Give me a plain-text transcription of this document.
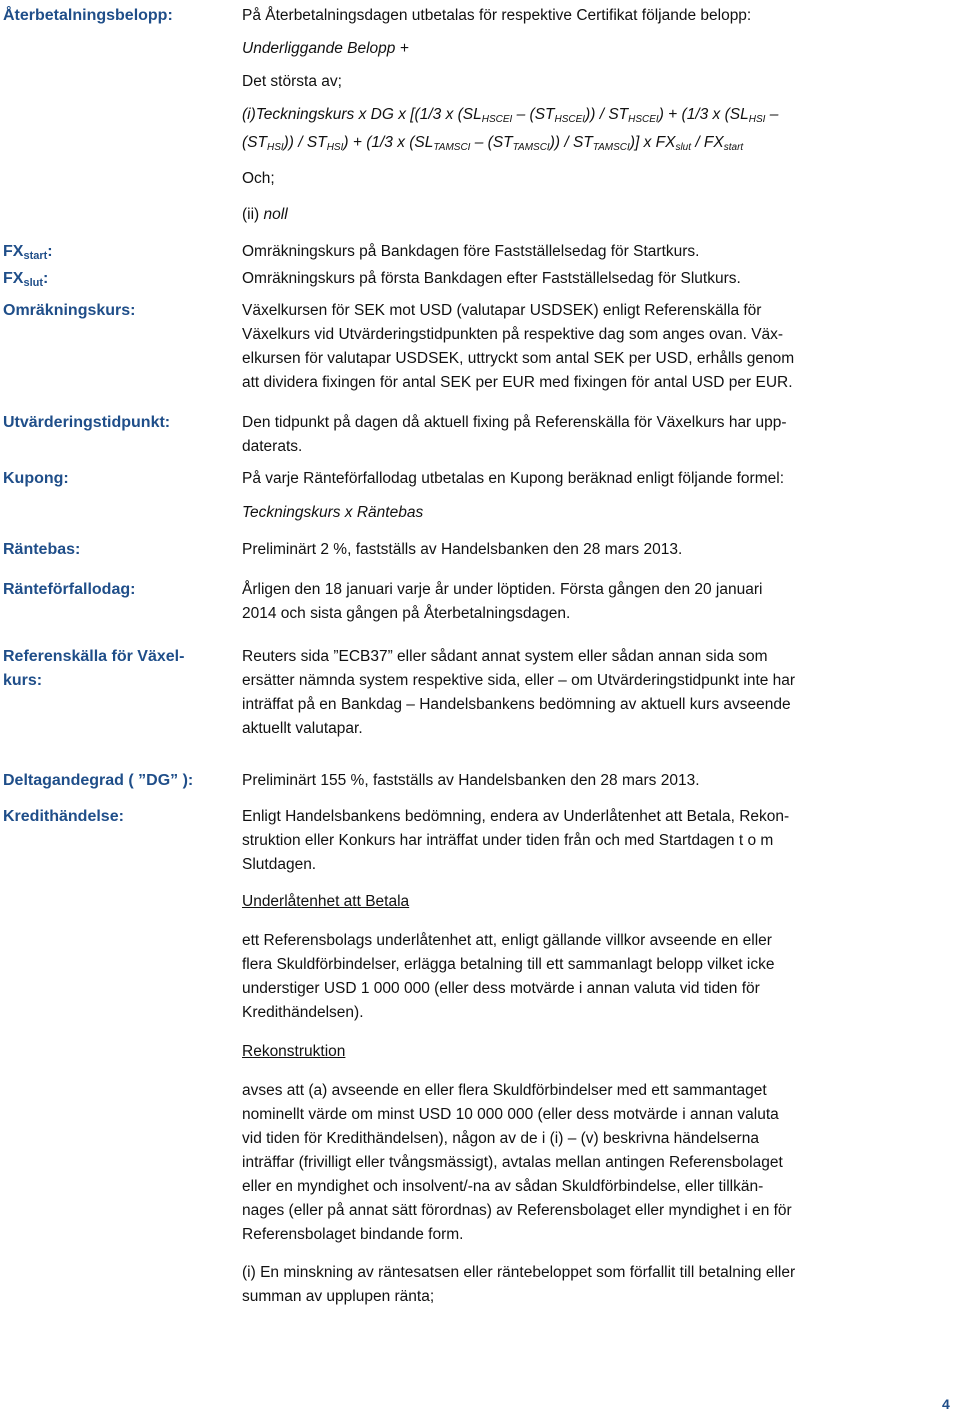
Återbetalningsbelopp:
$FX_{start}$:
$FX_{slut}$:
Omräkningskurs:
Utvärderingstidpunkt:
Kupong:
Räntebas:
Ränteförfallodag:
Referenskälla för Växel-
kurs:
Deltagandegrad ( ”DG” ):
Kredithändelse:
På Återbetalningsdagen utbetalas för respektive Certifikat följande belopp:
Underliggande Belopp +
Det största av;
(i)Teckningskurs x DG x [(1/3 x $(SL_{HSCEI} - (ST_{HSCEI})) / ST_{HSCEI}) + (1/3$ x ($SL_{HSI}$ –
$(ST_{HSI})) / ST_{HSI}) + (1/3$ x $(SL_{TAMSCI} - (ST_{TAMSCI})) / ST_{TAMSCI}$)] x $FX_{slut} / FX_{start}$
Och;
(ii) noll
Omräkningskurs på Bankdagen före Fastställelsedag för Startkurs.
Omräkningskurs på första Bankdagen efter Fastställelsedag för Slutkurs.
Växelkursen för SEK mot USD (valutapar USDSEK) enligt Referenskälla för
Växelkurs vid Utvärderingstidpunkten på respektive dag som anges ovan. Väx-
elkursen för valutapar USDSEK, uttryckt som antal SEK per USD, erhålls genom
att dividera fixingen för antal SEK per EUR med fixingen för antal USD per EUR.
Den tidpunkt på dagen då aktuell fixing på Referenskälla för Växelkurs har upp-
daterats.
På varje Ränteförfallodag utbetalas en Kupong beräknad enligt följande formel:
Teckningskurs x Räntebas
Preliminärt 2 %, fastställs av Handelsbanken den 28 mars 2013.
Årligen den 18 januari varje år under löptiden. Första gången den 20 januari
2014 och sista gången på Återbetalningsdagen.
Reuters sida ”ECB37” eller sådant annat system eller sådan annan sida som
ersätter nämnda system respektive sida, eller – om Utvärderingstidpunkt inte har
inträffat på en Bankdag – Handelsbankens bedömning av aktuell kurs avseende
aktuellt valutapar.
Preliminärt 155 %, fastställs av Handelsbanken den 28 mars 2013.
Enligt Handelsbankens bedömning, endera av Underlåtenhet att Betala, Rekon-
struktion eller Konkurs har inträffat under tiden från och med Startdagen t o m
Slutdagen.
Underlåtenhet att Betala
ett Referensbolags underlåtenhet att, enligt gällande villkor avseende en eller
flera Skuldförbindelser, erlägga betalning till ett sammanlagt belopp vilket icke
understiger USD 1 000 000 (eller dess motvärde i annan valuta vid tiden för
Kredithändelsen).
Rekonstruktion
avses att (a) avseende en eller flera Skuldförbindelser med ett sammantaget
nominellt värde om minst USD 10 000 000 (eller dess motvärde i annan valuta
vid tiden för Kredithändelsen), någon av de i (i) – (v) beskrivna händelserna
inträffar (frivilligt eller tvångsmässigt), avtalas mellan antingen Referensbolaget
eller en myndighet och insolvent/-na av sådan Skuldförbindelse, eller tillkän-
nages (eller på annat sätt förordnas) av Referensbolaget eller myndighet i en för
Referensbolaget bindande form.
(i) En minskning av räntesatsen eller räntebeloppet som förfallit till betalning eller
summan av upplupen ränta;
4
